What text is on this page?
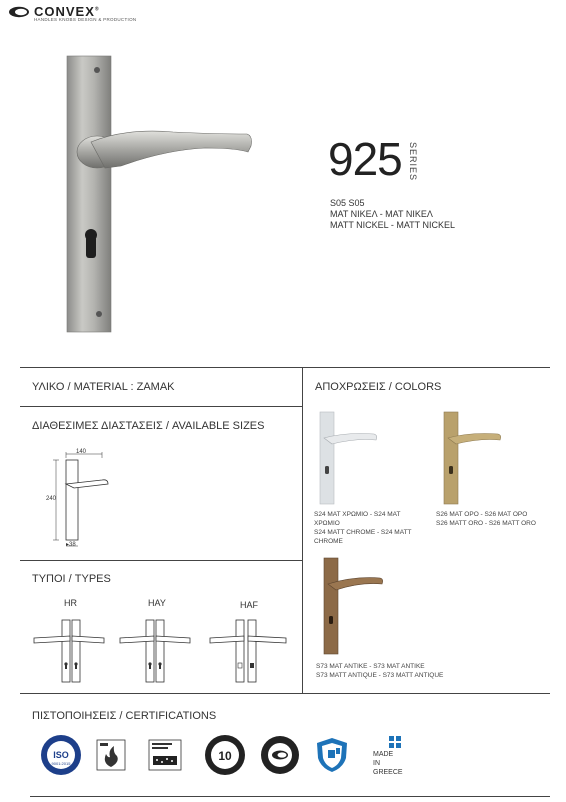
CONVEX®
HANDLES KNOBS DESIGN & PRODUCTION
925 SERIES
S05 S05
MAT NIKEΛ - MAT NIKEΛ
MATT NICKEL - MATT NICKEL
ΥΛΙΚΟ / MATERIAL : ZAMAK
ΔΙΑΘΕΣΙΜΕΣ ΔΙΑΣΤΑΣΕΙΣ / AVAILABLE SIZES
140
240
▸38
ΤΥΠΟΙ / TYPES
HR	HAY	HAF
ΑΠΟΧΡΩΣΕΙΣ / COLORS
S24 MAT ΧΡΩΜΙΟ - S24 MAT
ΧΡΩΜΙΟ
S24 MATT CHROME - S24 MATT
CHROME
S26 MAT ΟΡΟ - S26 MAT ΟΡΟ
S26 MATT ORO - S26 MATT ORO
S73 MAT ANTIKE - S73 MAT ANTIKE
S73 MATT ANTIQUE - S73 MATT ANTIQUE
ΠΙΣΤΟΠΟΙΗΣΕΙΣ / CERTIFICATIONS
ISO
9001:2015
10	MADE
IN
GREECE
